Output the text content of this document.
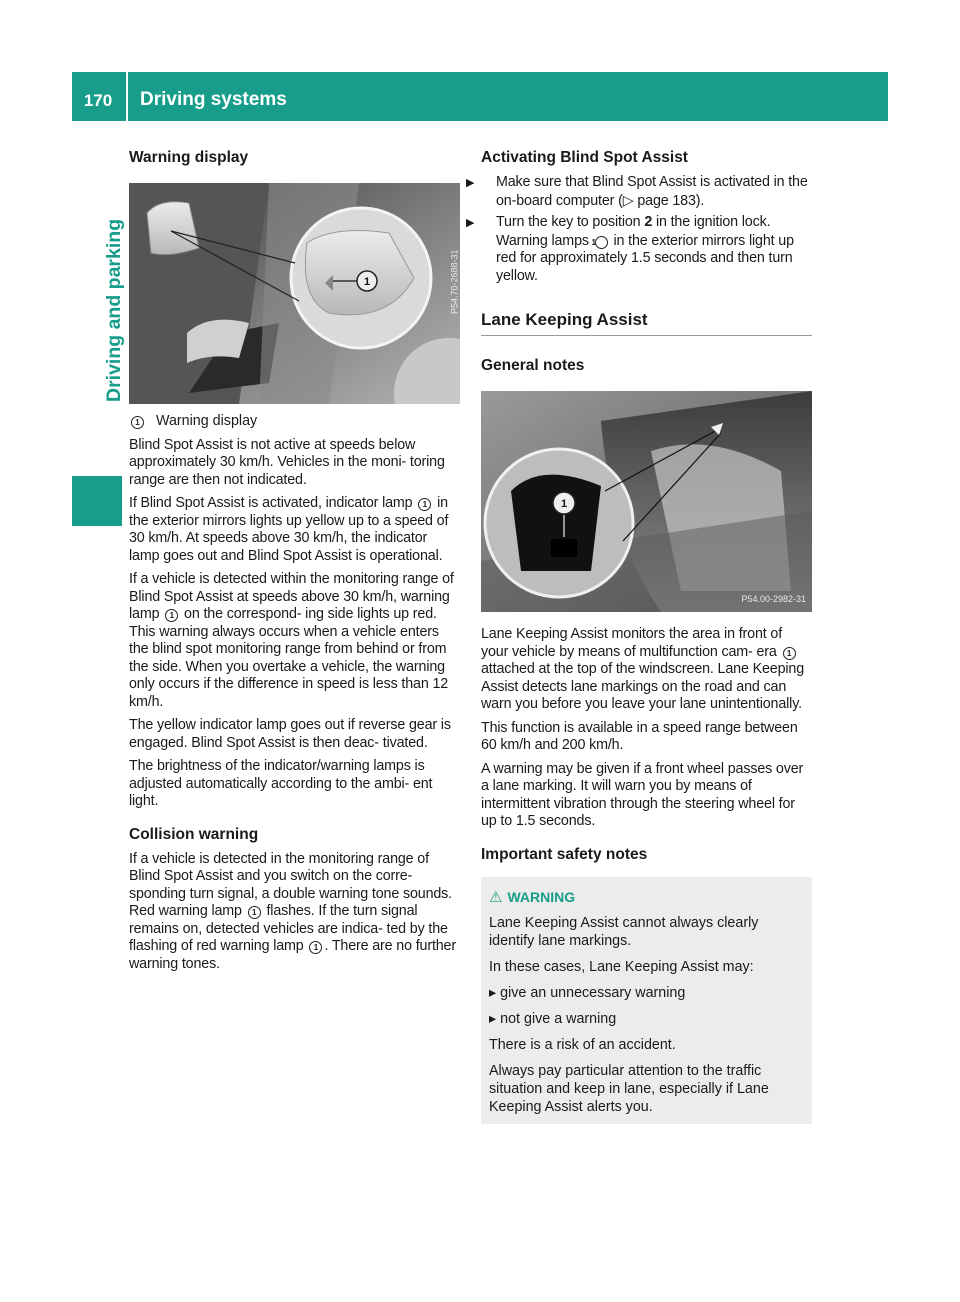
170	Driving systems
Driving and parking
Warning display
1	P54.70-2688-31

1 Warning display

Blind Spot Assist is not active at speeds below approximately 30 km/h. Vehicles in the moni- toring range are then not indicated.

If Blind Spot Assist is activated, indicator lamp 1 in the exterior mirrors lights up yellow up to a speed of 30 km/h. At speeds above 30 km/h, the indicator lamp goes out and Blind Spot Assist is operational.

If a vehicle is detected within the monitoring range of Blind Spot Assist at speeds above 30 km/h, warning lamp 1 on the correspond- ing side lights up red. This warning always occurs when a vehicle enters the blind spot monitoring range from behind or from the side. When you overtake a vehicle, the warning only occurs if the difference in speed is less than 12 km/h.

The yellow indicator lamp goes out if reverse gear is engaged. Blind Spot Assist is then deac- tivated.

The brightness of the indicator/warning lamps is adjusted automatically according to the ambi- ent light.

Collision warning

If a vehicle is detected in the monitoring range of Blind Spot Assist and you switch on the corre- sponding turn signal, a double warning tone sounds. Red warning lamp 1 flashes. If the turn signal remains on, detected vehicles are indica- ted by the flashing of red warning lamp 1 . There are no further warning tones.

Activating Blind Spot Assist

▶ Make sure that Blind Spot Assist is activated in the on-board computer (▷ page 183).

▶ Turn the key to position 2 in the ignition lock. Warning lamps 1 in the exterior mirrors light up red for approximately 1.5 seconds and then turn yellow.

Lane Keeping Assist
General notes
1
P54.00-2982-31

Lane Keeping Assist monitors the area in front of your vehicle by means of multifunction cam- era 1 attached at the top of the windscreen. Lane Keeping Assist detects lane markings on the road and can warn you before you leave your lane unintentionally.

This function is available in a speed range between 60 km/h and 200 km/h.

A warning may be given if a front wheel passes over a lane marking. It will warn you by means of intermittent vibration through the steering wheel for up to 1.5 seconds.

Important safety notes
⚠ WARNING

Lane Keeping Assist cannot always clearly identify lane markings.

In these cases, Lane Keeping Assist may:

▸ give an unnecessary warning

▸ not give a warning

There is a risk of an accident.

Always pay particular attention to the traffic situation and keep in lane, especially if Lane Keeping Assist alerts you.
